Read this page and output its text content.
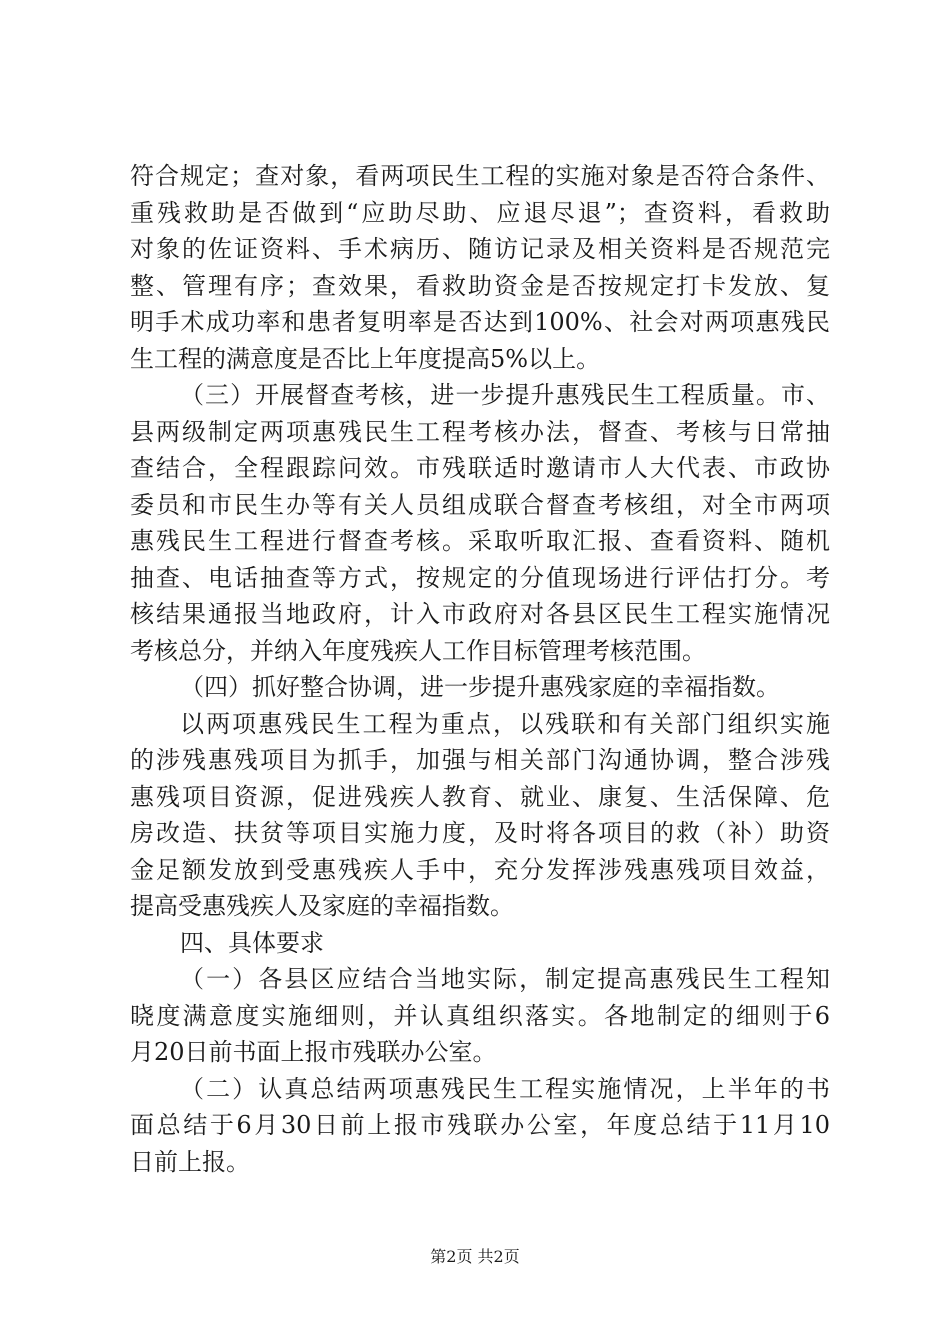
符合规定；查对象，看两项民生工程的实施对象是否符合条件、
重残救助是否做到“应助尽助、应退尽退”；查资料，看救助
对象的佐证资料、手术病历、随访记录及相关资料是否规范完
整、管理有序；查效果，看救助资金是否按规定打卡发放、复
明手术成功率和患者复明率是否达到100%、社会对两项惠残民
生工程的满意度是否比上年度提高5%以上。
（三）开展督查考核，进一步提升惠残民生工程质量。市、
县两级制定两项惠残民生工程考核办法，督查、考核与日常抽
查结合，全程跟踪问效。市残联适时邀请市人大代表、市政协
委员和市民生办等有关人员组成联合督查考核组，对全市两项
惠残民生工程进行督查考核。采取听取汇报、查看资料、随机
抽查、电话抽查等方式，按规定的分值现场进行评估打分。考
核结果通报当地政府，计入市政府对各县区民生工程实施情况
考核总分，并纳入年度残疾人工作目标管理考核范围。
（四）抓好整合协调，进一步提升惠残家庭的幸福指数。
以两项惠残民生工程为重点，以残联和有关部门组织实施
的涉残惠残项目为抓手，加强与相关部门沟通协调，整合涉残
惠残项目资源，促进残疾人教育、就业、康复、生活保障、危
房改造、扶贫等项目实施力度，及时将各项目的救（补）助资
金足额发放到受惠残疾人手中，充分发挥涉残惠残项目效益，
提高受惠残疾人及家庭的幸福指数。
四、具体要求
（一）各县区应结合当地实际，制定提高惠残民生工程知
晓度满意度实施细则，并认真组织落实。各地制定的细则于6
月20日前书面上报市残联办公室。
（二）认真总结两项惠残民生工程实施情况，上半年的书
面总结于6月30日前上报市残联办公室，年度总结于11月10
日前上报。
第2页 共2页
